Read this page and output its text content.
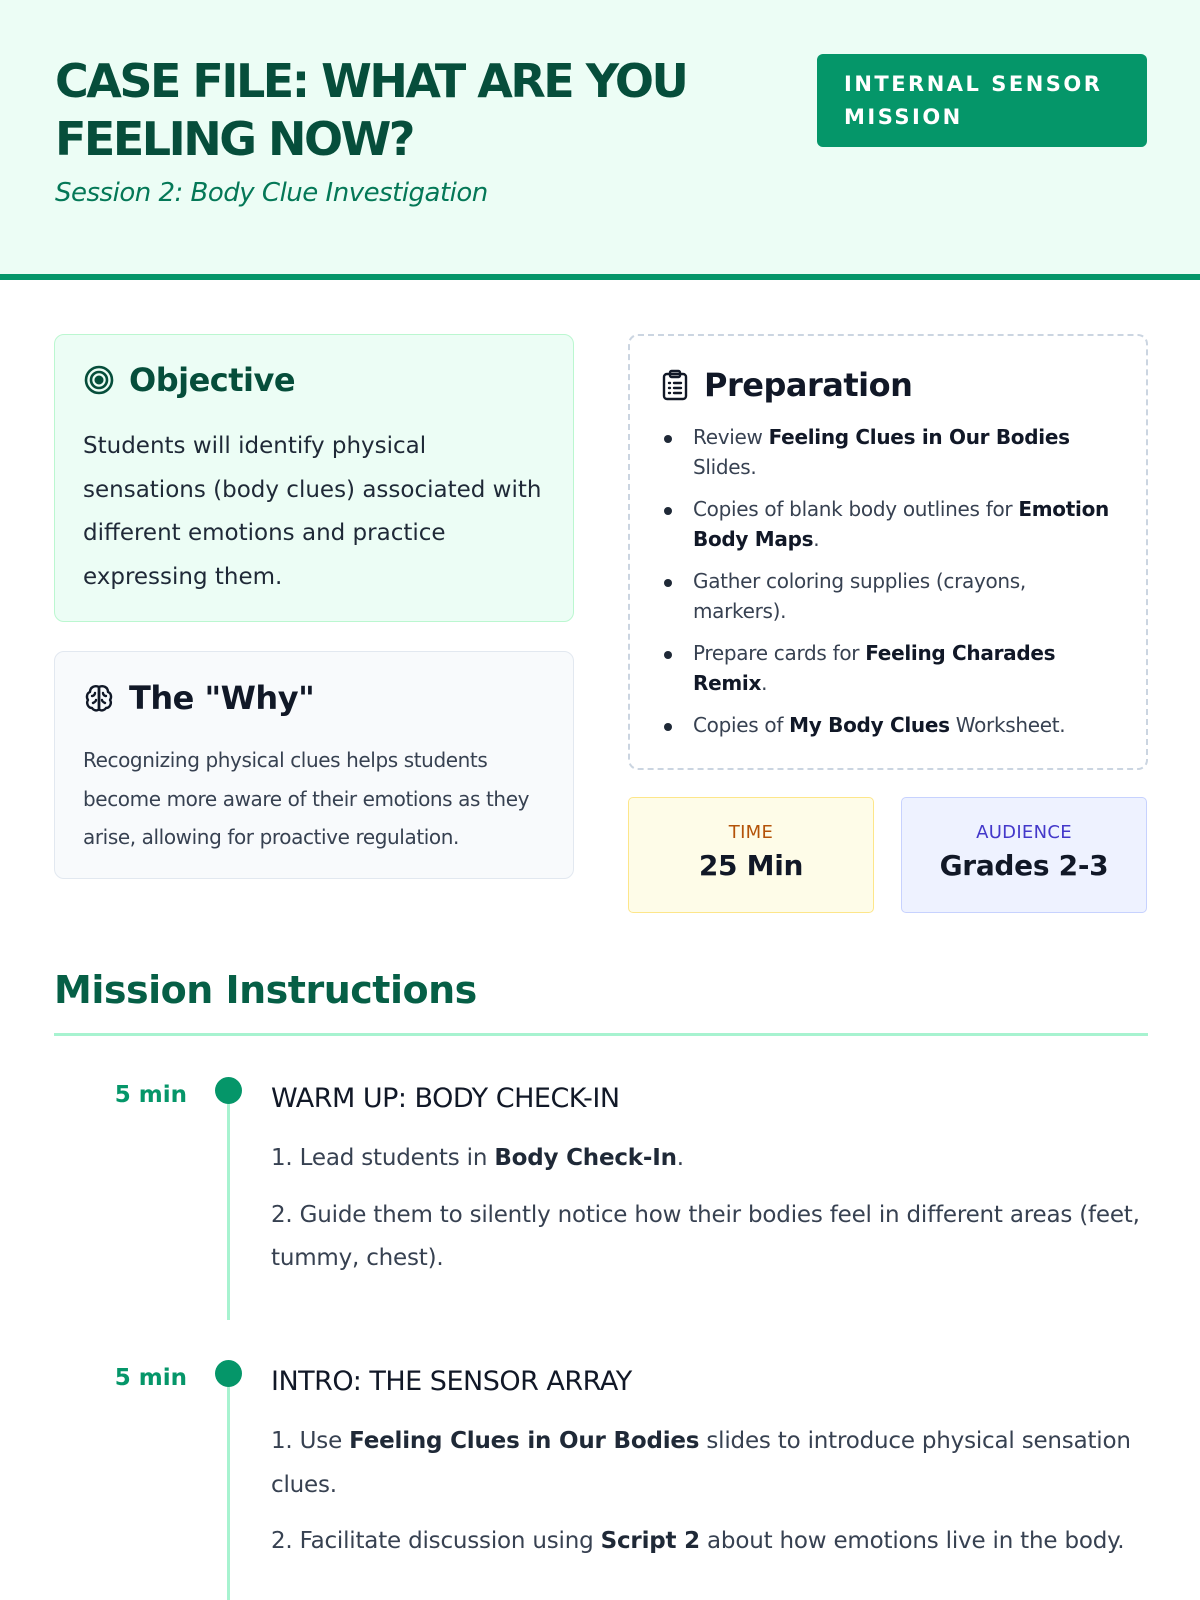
CASE FILE: WHAT ARE YOU FEELING NOW?
Session 2: Body Clue Investigation
INTERNAL SENSOR MISSION
Objective
Students will identify physical sensations (body clues) associated with different emotions and practice expressing them.
The "Why"
Recognizing physical clues helps students become more aware of their emotions as they arise, allowing for proactive regulation.
Preparation
Review Feeling Clues in Our Bodies Slides.
Copies of blank body outlines for Emotion Body Maps.
Gather coloring supplies (crayons, markers).
Prepare cards for Feeling Charades Remix.
Copies of My Body Clues Worksheet.
TIME
25 Min
AUDIENCE
Grades 2-3
Mission Instructions
5 min	WARM UP: BODY CHECK-IN
1. Lead students in Body Check-In.
2. Guide them to silently notice how their bodies feel in different areas (feet, tummy, chest).
5 min	INTRO: THE SENSOR ARRAY
1. Use Feeling Clues in Our Bodies slides to introduce physical sensation clues.
2. Facilitate discussion using Script 2 about how emotions live in the body.
